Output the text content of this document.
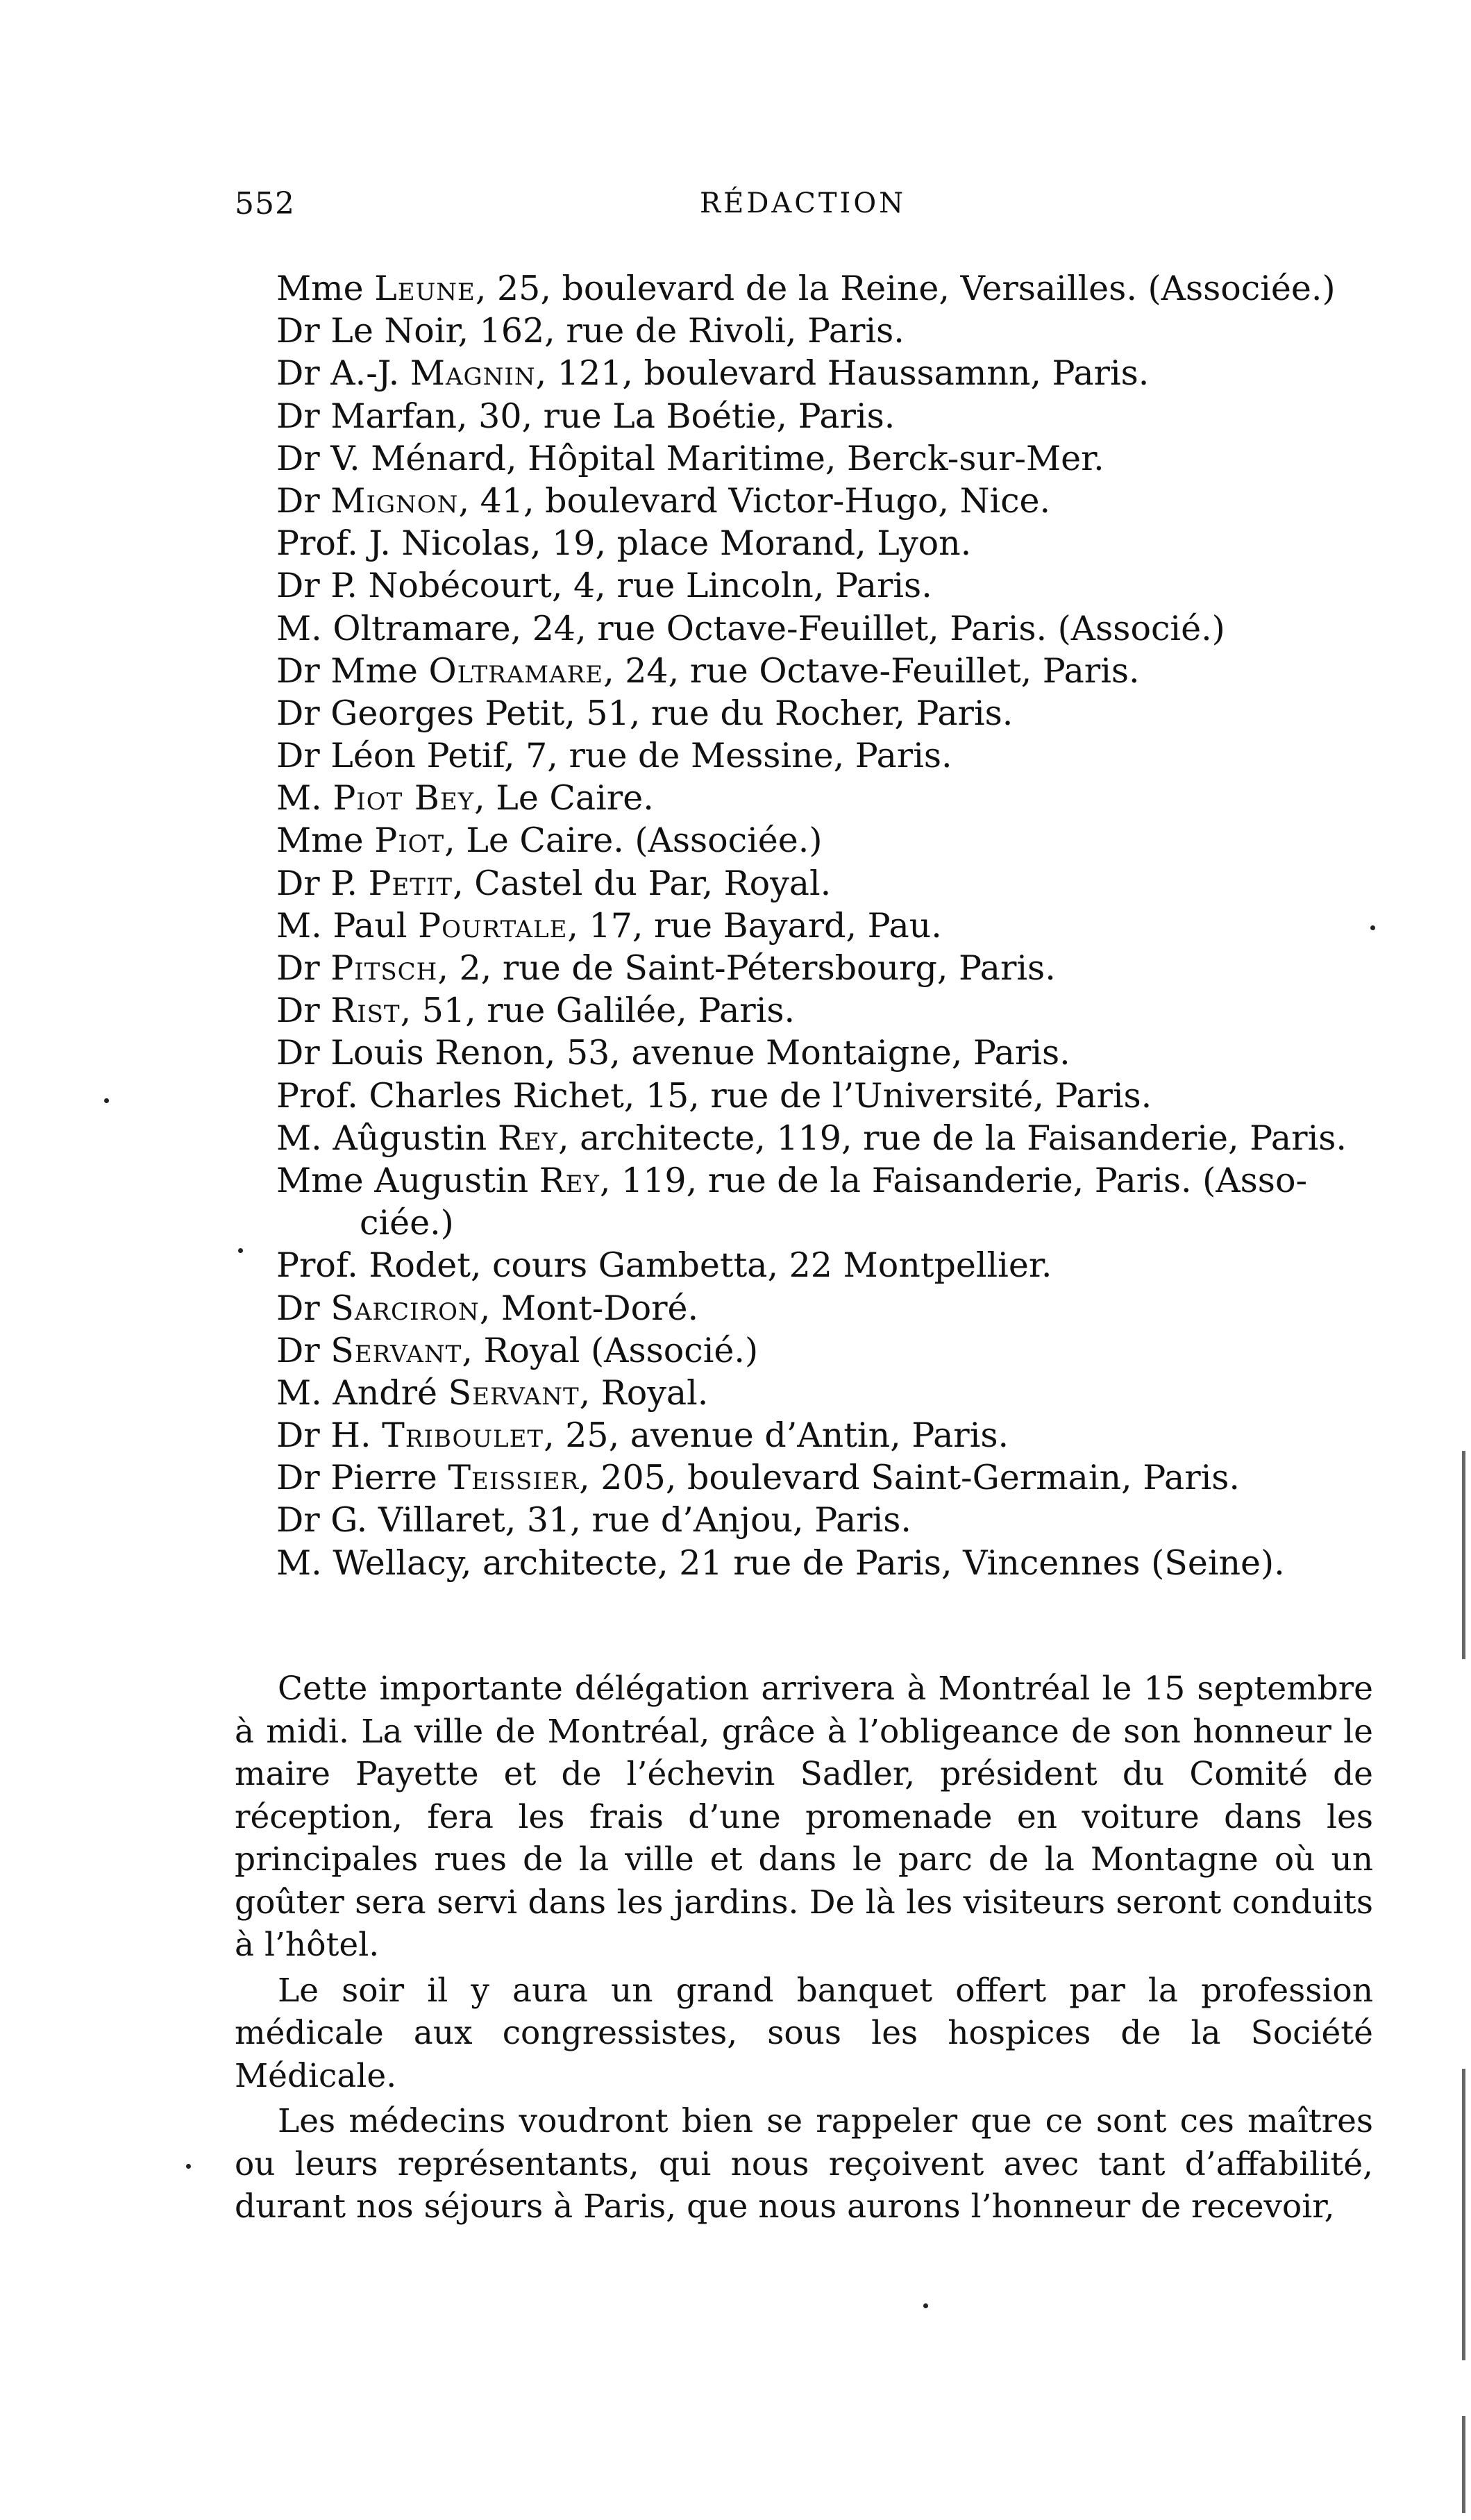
552	RÉDACTION
Mme Leune, 25, boulevard de la Reine, Versailles. (Associée.)
Dr Le Noir, 162, rue de Rivoli, Paris.
Dr A.-J. Magnin, 121, boulevard Haussamnn, Paris.
Dr Marfan, 30, rue La Boétie, Paris.
Dr V. Ménard, Hôpital Maritime, Berck-sur-Mer.
Dr Mignon, 41, boulevard Victor-Hugo, Nice.
Prof. J. Nicolas, 19, place Morand, Lyon.
Dr P. Nobécourt, 4, rue Lincoln, Paris.
M. Oltramare, 24, rue Octave-Feuillet, Paris. (Associé.)
Dr Mme Oltramare, 24, rue Octave-Feuillet, Paris.
Dr Georges Petit, 51, rue du Rocher, Paris.
Dr Léon Petif, 7, rue de Messine, Paris.
M. Piot Bey, Le Caire.
Mme Piot, Le Caire. (Associée.)
Dr P. Petit, Castel du Par, Royal.
M. Paul Pourtale, 17, rue Bayard, Pau.
Dr Pitsch, 2, rue de Saint-Pétersbourg, Paris.
Dr Rist, 51, rue Galilée, Paris.
Dr Louis Renon, 53, avenue Montaigne, Paris.
Prof. Charles Richet, 15, rue de l’Université, Paris.
M. Aûgustin Rey, architecte, 119, rue de la Faisanderie, Paris.
Mme Augustin Rey, 119, rue de la Faisanderie, Paris. (Asso-
ciée.)
Prof. Rodet, cours Gambetta, 22 Montpellier.
Dr Sarciron, Mont-Doré.
Dr Servant, Royal (Associé.)
M. André Servant, Royal.
Dr H. Triboulet, 25, avenue d’Antin, Paris.
Dr Pierre Teissier, 205, boulevard Saint-Germain, Paris.
Dr G. Villaret, 31, rue d’Anjou, Paris.
M. Wellacy, architecte, 21 rue de Paris, Vincennes (Seine).

Cette importante délégation arrivera à Montréal le 15 septembre à midi. La ville de Montréal, grâce à l’obligeance de son honneur le maire Payette et de l’échevin Sadler, président du Comité de réception, fera les frais d’une promenade en voiture dans les principales rues de la ville et dans le parc de la Montagne où un goûter sera servi dans les jardins. De là les visiteurs seront conduits à l’hôtel.

Le soir il y aura un grand banquet offert par la profession médicale aux congressistes, sous les hospices de la Société Médicale.

Les médecins voudront bien se rappeler que ce sont ces maîtres ou leurs représentants, qui nous reçoivent avec tant d’affabilité, durant nos séjours à Paris, que nous aurons l’honneur de recevoir,
